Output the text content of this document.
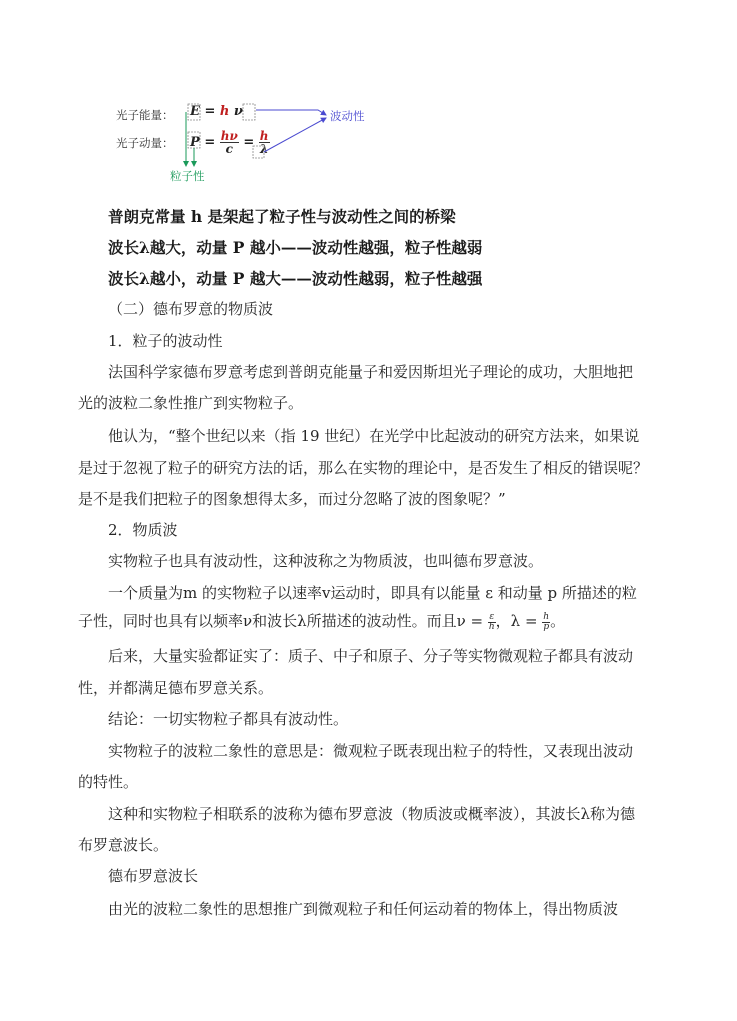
光子能量：
光子动量：
E = h ν
$P = \frac{h\nu}{c} = \frac{h}{\lambda}$
波动性
粒子性
普朗克常量 h 是架起了粒子性与波动性之间的桥梁
波长λ越大，动量 P 越小——波动性越强，粒子性越弱
波长λ越小，动量 P 越大——波动性越弱，粒子性越强
（二）德布罗意的物质波
1．粒子的波动性
法国科学家德布罗意考虑到普朗克能量子和爱因斯坦光子理论的成功，大胆地把
光的波粒二象性推广到实物粒子。
他认为，“整个世纪以来（指 19 世纪）在光学中比起波动的研究方法来，如果说
是过于忽视了粒子的研究方法的话，那么在实物的理论中，是否发生了相反的错误呢？
是不是我们把粒子的图象想得太多，而过分忽略了波的图象呢？”
2．物质波
实物粒子也具有波动性，这种波称之为物质波，也叫德布罗意波。
一个质量为m 的实物粒子以速率v运动时，即具有以能量 ε 和动量 p 所描述的粒
子性，同时也具有以频率ν和波长λ所描述的波动性。而且$\nu = \frac{\varepsilon}{h}$ ，$\lambda = \frac{h}{p}$ 。
后来，大量实验都证实了：质子、中子和原子、分子等实物微观粒子都具有波动
性，并都满足德布罗意关系。
结论：一切实物粒子都具有波动性。
实物粒子的波粒二象性的意思是：微观粒子既表现出粒子的特性，又表现出波动
的特性。
这种和实物粒子相联系的波称为德布罗意波（物质波或概率波），其波长λ称为德
布罗意波长。
德布罗意波长
由光的波粒二象性的思想推广到微观粒子和任何运动着的物体上，得出物质波
